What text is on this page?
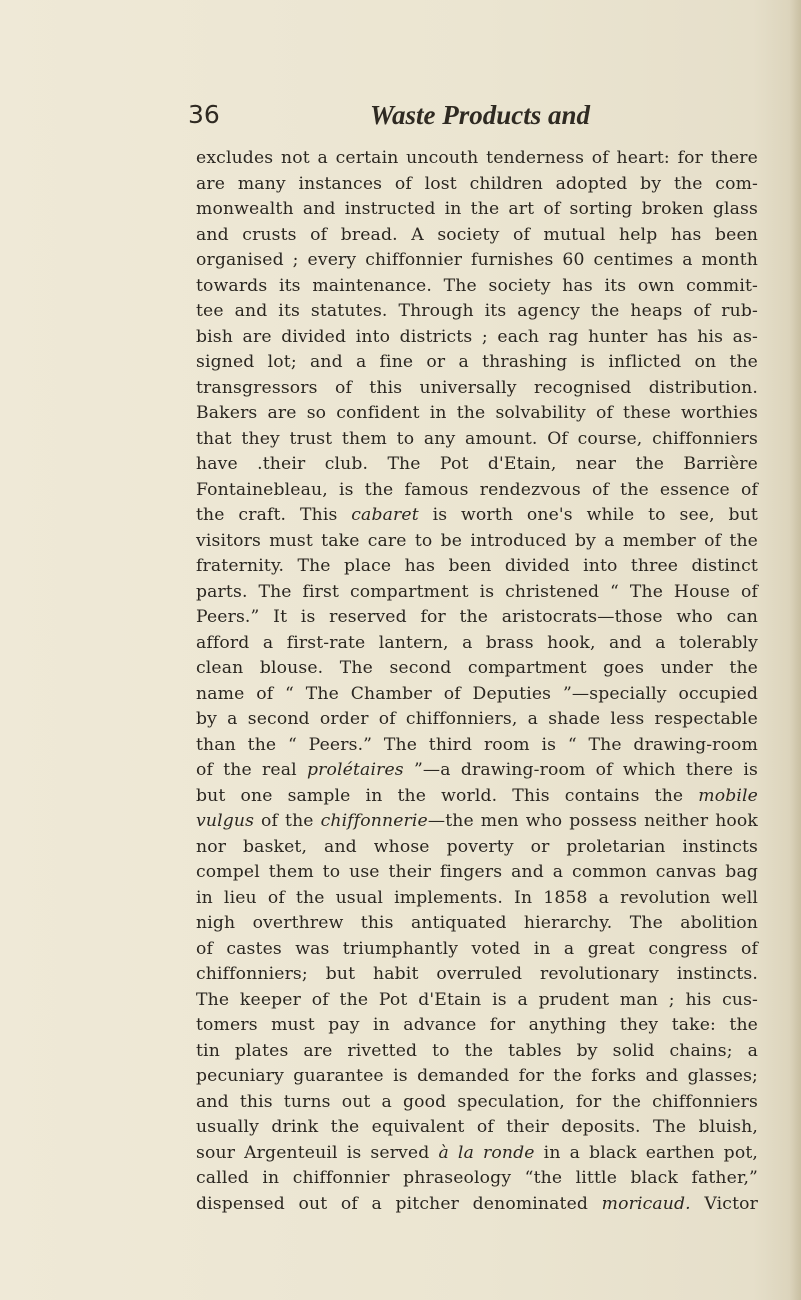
36	Waste Products and
excludes not a certain uncouth tenderness of heart: for there
are many instances of lost children adopted by the com-
monwealth and instructed in the art of sorting broken glass
and crusts of bread. A society of mutual help has been
organised ; every chiffonnier furnishes 60 centimes a month
towards its maintenance. The society has its own commit-
tee and its statutes. Through its agency the heaps of rub-
bish are divided into districts ; each rag hunter has his as-
signed lot; and a fine or a thrashing is inflicted on the
transgressors of this universally recognised distribution.
Bakers are so confident in the solvability of these worthies
that they trust them to any amount. Of course, chiffonniers
have .their club. The Pot d'Etain, near the Barrière
Fontainebleau, is the famous rendezvous of the essence of
the craft. This cabaret is worth one's while to see, but
visitors must take care to be introduced by a member of the
fraternity. The place has been divided into three distinct
parts. The first compartment is christened “ The House of
Peers.” It is reserved for the aristocrats—those who can
afford a first-rate lantern, a brass hook, and a tolerably
clean blouse. The second compartment goes under the
name of “ The Chamber of Deputies ”—specially occupied
by a second order of chiffonniers, a shade less respectable
than the “ Peers.” The third room is “ The drawing-room
of the real prolétaires ”—a drawing-room of which there is
but one sample in the world. This contains the mobile
vulgus of the chiffonnerie—the men who possess neither hook
nor basket, and whose poverty or proletarian instincts
compel them to use their fingers and a common canvas bag
in lieu of the usual implements. In 1858 a revolution well
nigh overthrew this antiquated hierarchy. The abolition
of castes was triumphantly voted in a great congress of
chiffonniers; but habit overruled revolutionary instincts.
The keeper of the Pot d'Etain is a prudent man ; his cus-
tomers must pay in advance for anything they take: the
tin plates are rivetted to the tables by solid chains; a
pecuniary guarantee is demanded for the forks and glasses;
and this turns out a good speculation, for the chiffonniers
usually drink the equivalent of their deposits. The bluish,
sour Argenteuil is served à la ronde in a black earthen pot,
called in chiffonnier phraseology “the little black father,”
dispensed out of a pitcher denominated moricaud. Victor
